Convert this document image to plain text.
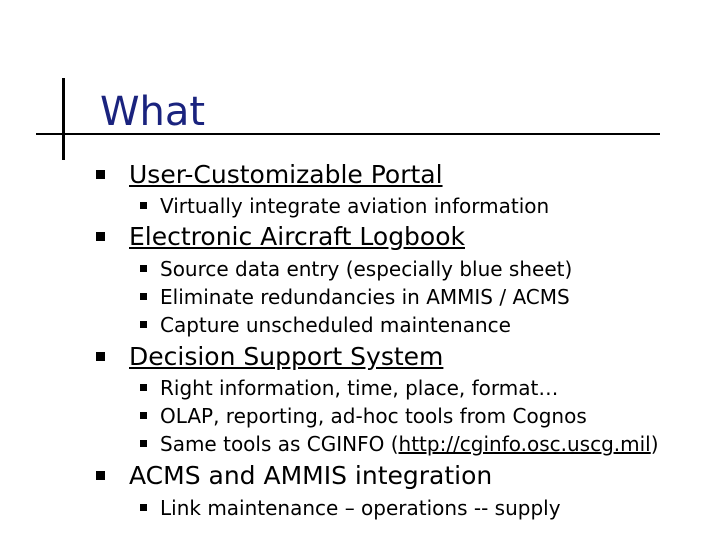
What
User-Customizable Portal
Virtually integrate aviation information
Electronic Aircraft Logbook
Source data entry (especially blue sheet)
Eliminate redundancies in AMMIS / ACMS
Capture unscheduled maintenance
Decision Support System
Right information, time, place, format…
OLAP, reporting, ad-hoc tools from Cognos
Same tools as CGINFO (http://cginfo.osc.uscg.mil)
ACMS and AMMIS integration
Link maintenance – operations -- supply
